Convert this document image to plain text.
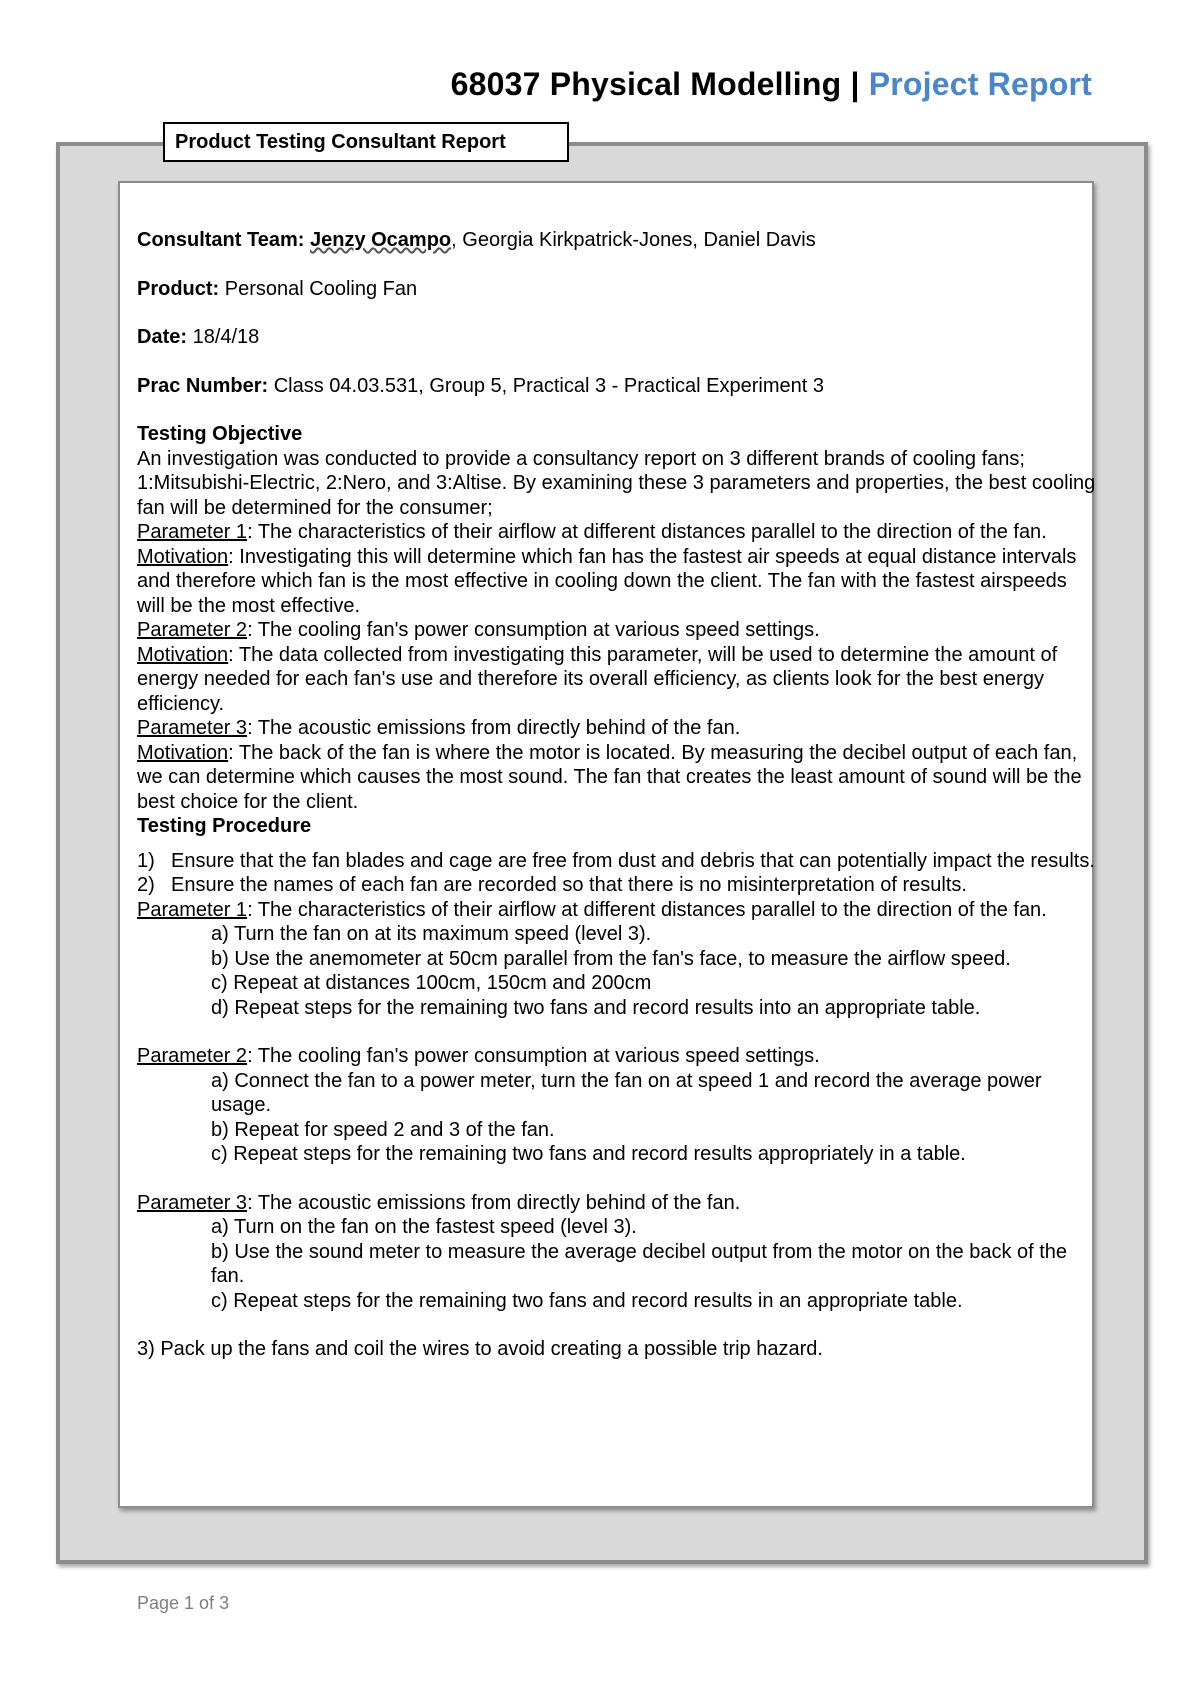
68037 Physical Modelling | Project Report
Product Testing Consultant Report

Consultant Team: Jenzy Ocampo, Georgia Kirkpatrick-Jones, Daniel Davis

Product: Personal Cooling Fan

Date: 18/4/18

Prac Number: Class 04.03.531, Group 5, Practical 3 - Practical Experiment 3

Testing Objective

An investigation was conducted to provide a consultancy report on 3 different brands of cooling fans; 1:Mitsubishi-Electric, 2:Nero, and 3:Altise. By examining these 3 parameters and properties, the best cooling fan will be determined for the consumer;

Parameter 1: The characteristics of their airflow at different distances parallel to the direction of the fan.

Motivation: Investigating this will determine which fan has the fastest air speeds at equal distance intervals and therefore which fan is the most effective in cooling down the client. The fan with the fastest airspeeds will be the most effective.

Parameter 2: The cooling fan's power consumption at various speed settings.

Motivation: The data collected from investigating this parameter, will be used to determine the amount of energy needed for each fan's use and therefore its overall efficiency, as clients look for the best energy efficiency.

Parameter 3: The acoustic emissions from directly behind of the fan.

Motivation: The back of the fan is where the motor is located. By measuring the decibel output of each fan, we can determine which causes the most sound. The fan that creates the least amount of sound will be the best choice for the client.

Testing Procedure

1) Ensure that the fan blades and cage are free from dust and debris that can potentially impact the results.
2) Ensure the names of each fan are recorded so that there is no misinterpretation of results.

Parameter 1: The characteristics of their airflow at different distances parallel to the direction of the fan.

a) Turn the fan on at its maximum speed (level 3).

b) Use the anemometer at 50cm parallel from the fan's face, to measure the airflow speed.

c) Repeat at distances 100cm, 150cm and 200cm

d) Repeat steps for the remaining two fans and record results into an appropriate table.

Parameter 2: The cooling fan's power consumption at various speed settings.

a) Connect the fan to a power meter, turn the fan on at speed 1 and record the average power usage.

b) Repeat for speed 2 and 3 of the fan.

c) Repeat steps for the remaining two fans and record results appropriately in a table.

Parameter 3: The acoustic emissions from directly behind of the fan.

a) Turn on the fan on the fastest speed (level 3).

b) Use the sound meter to measure the average decibel output from the motor on the back of the fan.

c) Repeat steps for the remaining two fans and record results in an appropriate table.

3) Pack up the fans and coil the wires to avoid creating a possible trip hazard.

Page 1 of 3
